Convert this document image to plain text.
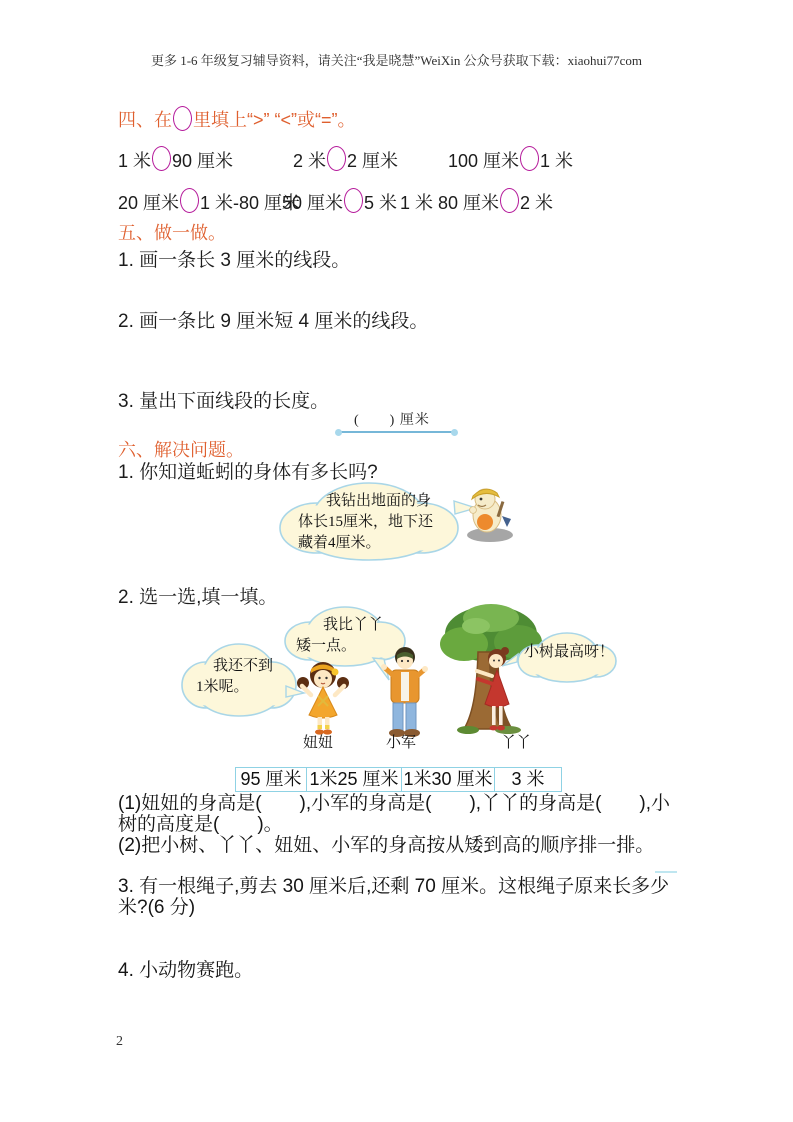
更多 1-6 年级复习辅导资料，请关注“我是晓慧”WeiXin 公众号获取下载：xiaohui77com
四、在 里填上“>” “<”或“=”。
1 米 90 厘米	2 米 2 厘米	100 厘米 1 米
20 厘米 1 米-80 厘米
50 厘米 5 米 1 米 80 厘米 2 米
五、做一做。
1. 画一条长 3 厘米的线段。
2. 画一条比 9 厘米短 4 厘米的线段。
3. 量出下面线段的长度。
(　　) 厘米
六、解决问题。
1. 你知道蚯蚓的身体有多长吗?
我钻出地面的身
体长15厘米，地下还
藏着4厘米。
2. 选一选,填一填。
我比丫丫
矮一点。
我还不到
1米呢。
小树最高呀！
妞妞	小军	丫丫
95 厘米 1米25 厘米 1米30 厘米	3 米
(1)妞妞的身高是(　　),小军的身高是(　　),丫丫的身高是(　　),小
树的高度是(　　)。
(2)把小树、丫丫、妞妞、小军的身高按从矮到高的顺序排一排。
3. 有一根绳子,剪去 30 厘米后,还剩 70 厘米。这根绳子原来长多少
米?(6 分)
4. 小动物赛跑。
2
